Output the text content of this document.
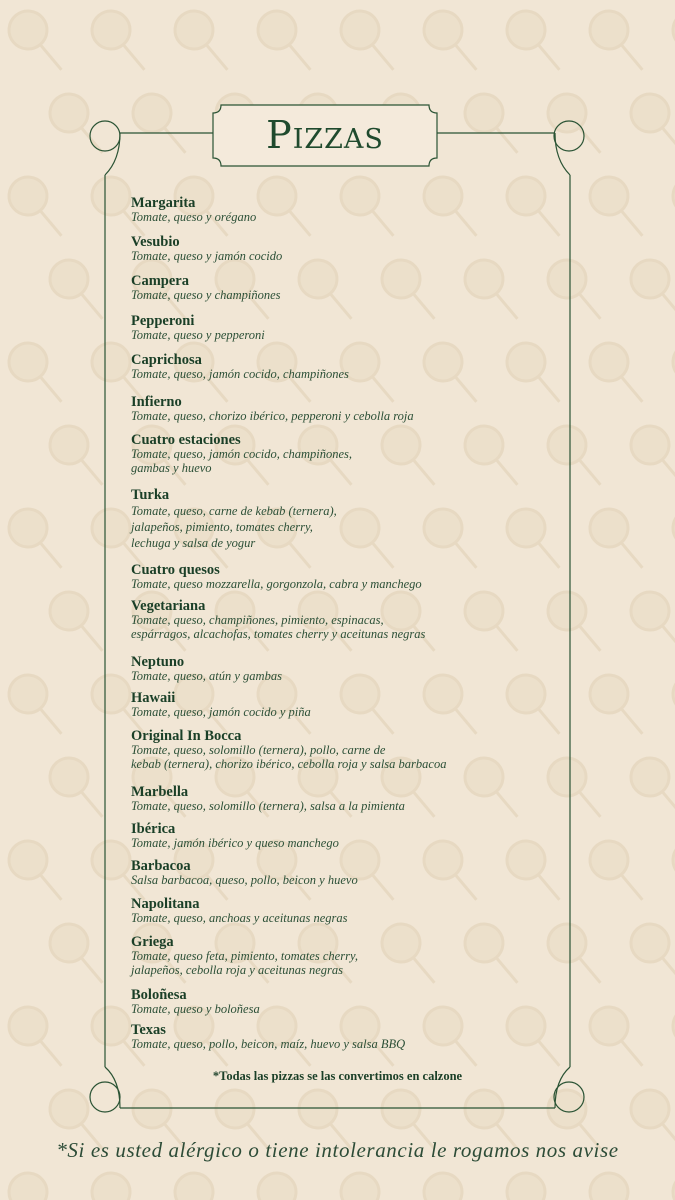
Pizzas
Margarita
Tomate, queso y orégano
Vesubio
Tomate, queso y jamón cocido
Campera
Tomate, queso y champiñones
Pepperoni
Tomate, queso y pepperoni
Caprichosa
Tomate, queso, jamón cocido, champiñones
Infierno
Tomate, queso, chorizo ibérico, pepperoni y cebolla roja
Cuatro estaciones
Tomate, queso, jamón cocido, champiñones,
gambas y huevo
Turka
Tomate, queso, carne de kebab (ternera),
jalapeños, pimiento, tomates cherry,
lechuga y salsa de yogur
Cuatro quesos
Tomate, queso mozzarella, gorgonzola, cabra y manchego
Vegetariana
Tomate, queso, champiñones, pimiento, espinacas,
espárragos, alcachofas, tomates cherry y aceitunas negras
Neptuno
Tomate, queso, atún y gambas
Hawaii
Tomate, queso, jamón cocido y piña
Original In Bocca
Tomate, queso, solomillo (ternera), pollo, carne de
kebab (ternera), chorizo ibérico, cebolla roja y salsa barbacoa
Marbella
Tomate, queso, solomillo (ternera), salsa a la pimienta
Ibérica
Tomate, jamón ibérico y queso manchego
Barbacoa
Salsa barbacoa, queso, pollo, beicon y huevo
Napolitana
Tomate, queso, anchoas y aceitunas negras
Griega
Tomate, queso feta, pimiento, tomates cherry,
jalapeños, cebolla roja y aceitunas negras
Boloñesa
Tomate, queso y boloñesa
Texas
Tomate, queso, pollo, beicon, maíz, huevo y salsa BBQ
*Todas las pizzas se las convertimos en calzone
*Si es usted alérgico o tiene intolerancia le rogamos nos avise
